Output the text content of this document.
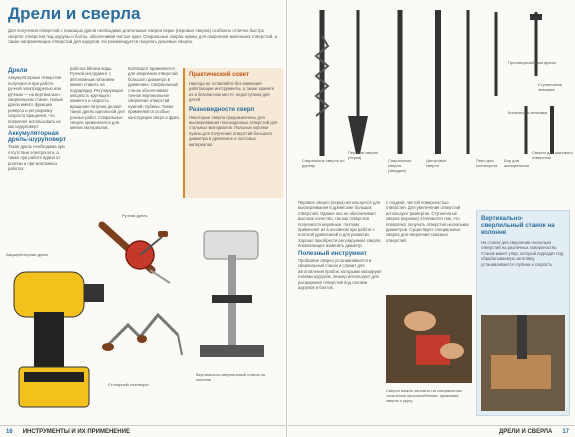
Дрели и сверла
Для получения отверстий с помощью дрели необходимо длительные сверла перке (перовые сверла) особенно отлично быстро сверлят отверстия под шурупы и болты, обеспечивая чистые края. Спиральные сверла нужны для сверления маленьких отверстий, а также направляющих отверстий для шурупов. Не рекомендуется покупать дешевые сверла.
Дрели
Аккумуляторные отверстия получаются при работе ручной электродрелью или ручным — на вертикально-сверлильном станке. Новые дрели имеют функцию реверса и регулировку скорости вращения, что позволяет использовать их как шуруповерт.
Аккумуляторная дрель-шуруповерт
Такая дрель необходима при отсутствии электросети, а также при работе вдали от розетки и при монтажных работах.
работах вблизи воды. Ручной инструмент с автономным питанием можно ставить на подзарядку. Регулирующая мощность крутящего момента и скорость вращения патрона делают такую дрель идеальной для разных работ. Спиральные сверла применяются для мягких материалов.
Коловорот применяется для сверления отверстий большого диаметра в древесине. Сверлильный станок обеспечивает точное вертикальное сверление отверстий нужной глубины. Также применяются особые конструкции сверл и фрез.
Практический совет
Никогда не оставляйте без внимания работающие инструменты, а также храните их в безопасном месте, недоступном для детей.
Разновидности сверл
Некоторые сверла предназначены для высверливания плоскодонных отверстий для стальных материалов. Пильные коронки нужны для получения отверстий большого диаметра в древесине и листовых материалах.
Ручная дрель
Аккумуляторная дрель
Столярный коловорот
Вертикально-сверлильный станок на колонне
16 ИНСТРУМЕНТЫ И ИХ ПРИМЕНЕНИЕ
Спиральное сверло по дереву
Перовое сверло (перка)
Спиральные сверла (твердые)
Центровое сверло
Перо для коловорота
Бор для шипорезания
Противорезьбовая фреза
Ступенчатая зенковка
Коническая зенковка
Сверло для шипового отверстия
Перовое сверло (перка) используется для высверливания в древесине больших отверстий. Однако оно не обеспечивает высокое качество, так как отверстия получаются неровные, поэтому применяют их в основном при работе с плотной древесиной и для разметки. Хорошо приобрести регулируемое сверло, позволяющее изменять диаметр.
Полезный инструмент
Пробковое сверло устанавливается в сверлильный станок и служит для изготовления пробок, которыми маскируют головки шурупов. Зенкер используют для расширения отверстий под головки шурупов и болтов.
с гладкой, чистой поверхностью отверстия. Для увеличения отверстий используют развертки. Ступенчатые сверла (коронки) отличаются тем, что позволяют получать отверстия нескольких диаметров. Существуют специальные сверла для сверления сквозных отверстий.
Сверло можно заточить на специальном точильном приспособлении, прижимая сверло к кругу.
Вертикально-сверлильный станок на колонне
На станок для сверления несколько отверстий на различных поверхностях. Станок имеет упор, который подходит под обрабатываемую заготовку, устанавливается глубина и скорость.
ДРЕЛИ И СВЕРЛА 17
